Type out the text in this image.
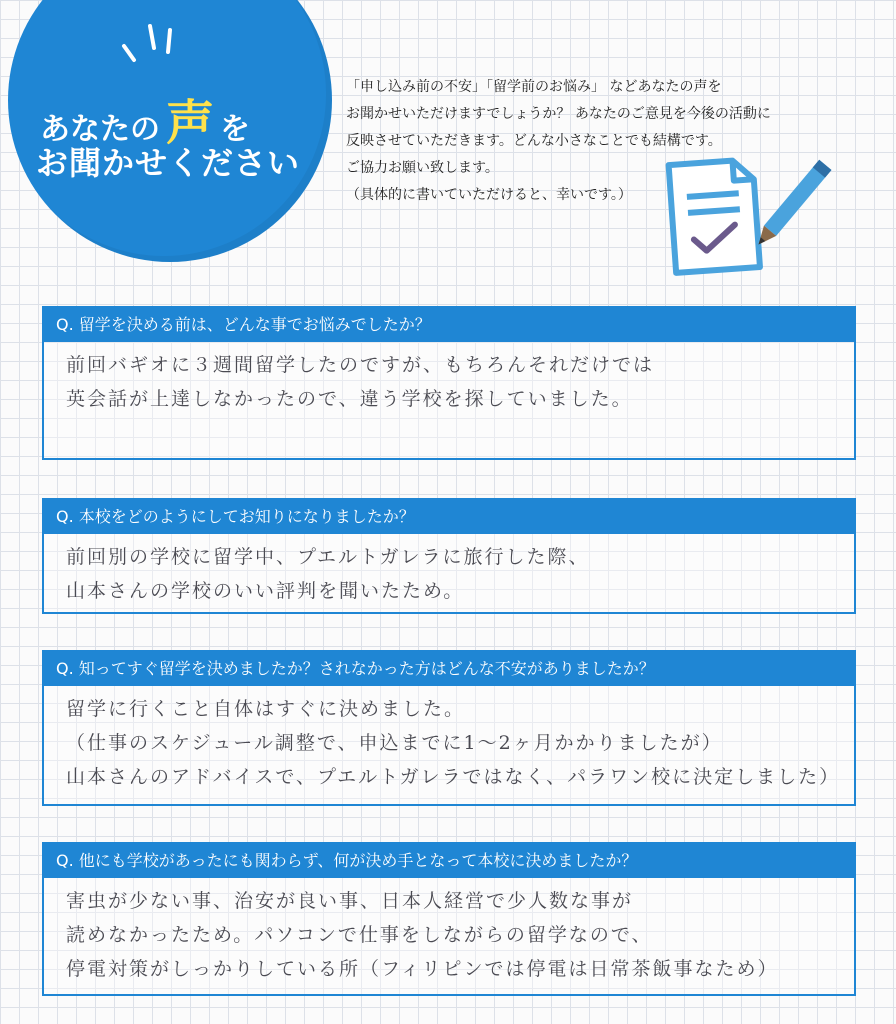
あなたの 声 を
お聞かせください
「申し込み前の不安」「留学前のお悩み」 などあなたの声を
お聞かせいただけますでしょうか？ あなたのご意見を今後の活動に
反映させていただきます。どんな小さなことでも結構です。
ご協力お願い致します。
（具体的に書いていただけると、幸いです。）
Q. 留学を決める前は、どんな事でお悩みでしたか？
前回バギオに３週間留学したのですが、もちろんそれだけでは
英会話が上達しなかったので、違う学校を探していました。
Q. 本校をどのようにしてお知りになりましたか？
前回別の学校に留学中、プエルトガレラに旅行した際、
山本さんの学校のいい評判を聞いたため。
Q. 知ってすぐ留学を決めましたか？されなかった方はどんな不安がありましたか？
留学に行くこと自体はすぐに決めました。
（仕事のスケジュール調整で、申込までに1〜2ヶ月かかりましたが）
山本さんのアドバイスで、プエルトガレラではなく、パラワン校に決定しました）
Q. 他にも学校があったにも関わらず、何が決め手となって本校に決めましたか？
害虫が少ない事、治安が良い事、日本人経営で少人数な事が
読めなかったため。パソコンで仕事をしながらの留学なので、
停電対策がしっかりしている所（フィリピンでは停電は日常茶飯事なため）
